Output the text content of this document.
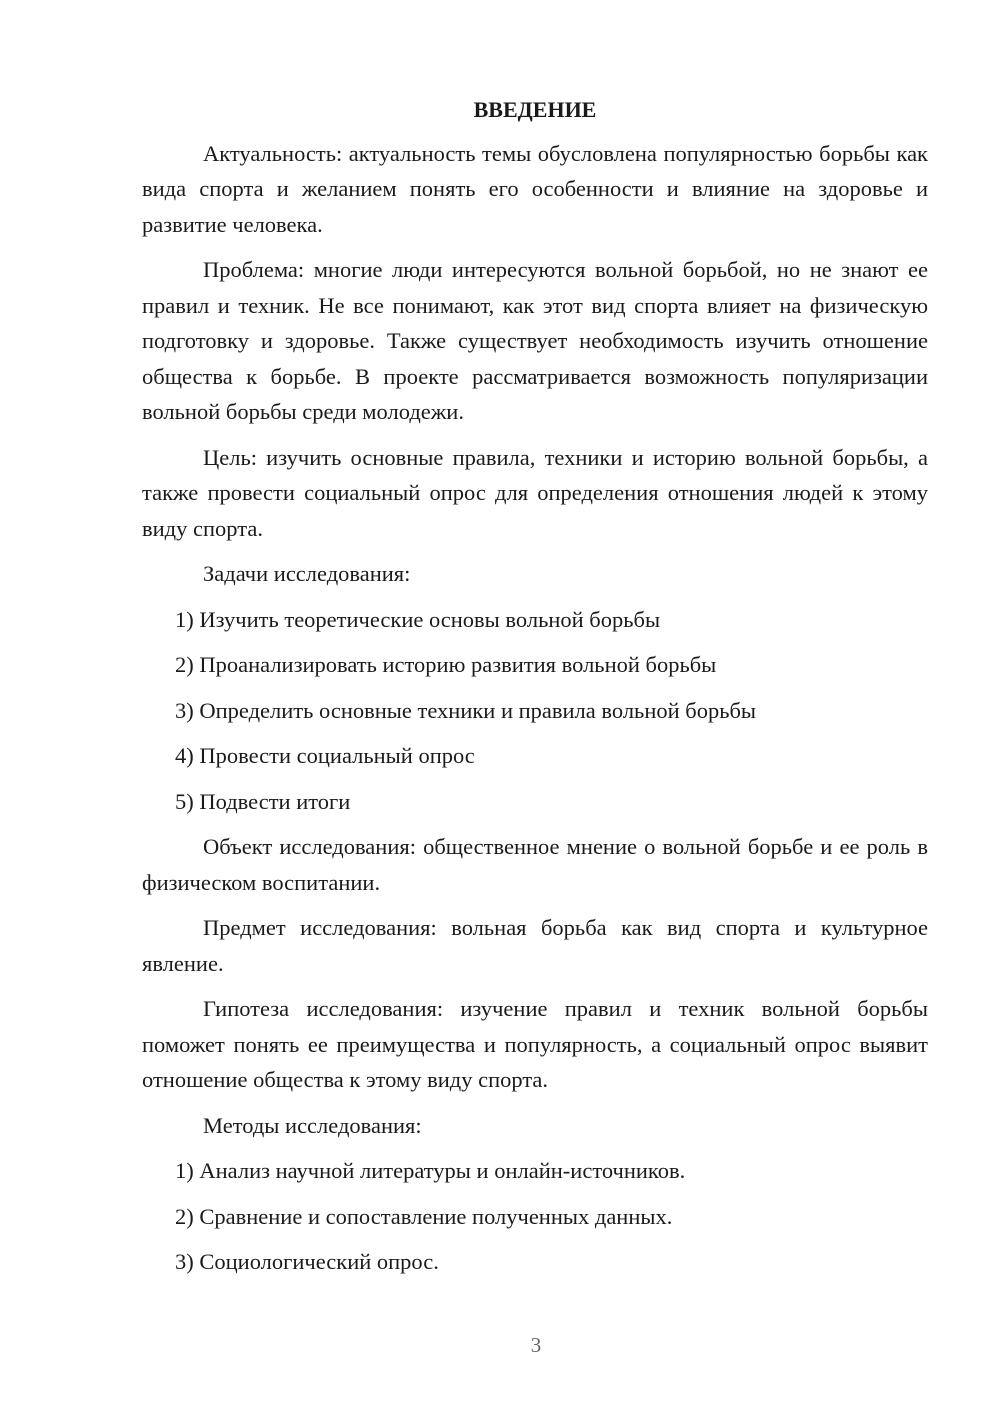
ВВЕДЕНИЕ

Актуальность: актуальность темы обусловлена популярностью борьбы как вида спорта и желанием понять его особенности и влияние на здоровье и развитие человека.

Проблема: многие люди интересуются вольной борьбой, но не знают ее правил и техник. Не все понимают, как этот вид спорта влияет на физическую подготовку и здоровье. Также существует необходимость изучить отношение общества к борьбе. В проекте рассматривается возможность популяризации вольной борьбы среди молодежи.

Цель: изучить основные правила, техники и историю вольной борьбы, а также провести социальный опрос для определения отношения людей к этому виду спорта.

Задачи исследования:

1) Изучить теоретические основы вольной борьбы

2) Проанализировать историю развития вольной борьбы

3) Определить основные техники и правила вольной борьбы

4) Провести социальный опрос

5) Подвести итоги

Объект исследования: общественное мнение о вольной борьбе и ее роль в физическом воспитании.

Предмет исследования: вольная борьба как вид спорта и культурное явление.

Гипотеза исследования: изучение правил и техник вольной борьбы поможет понять ее преимущества и популярность, а социальный опрос выявит отношение общества к этому виду спорта.

Методы исследования:

1) Анализ научной литературы и онлайн-источников.

2) Сравнение и сопоставление полученных данных.

3) Социологический опрос.

3
